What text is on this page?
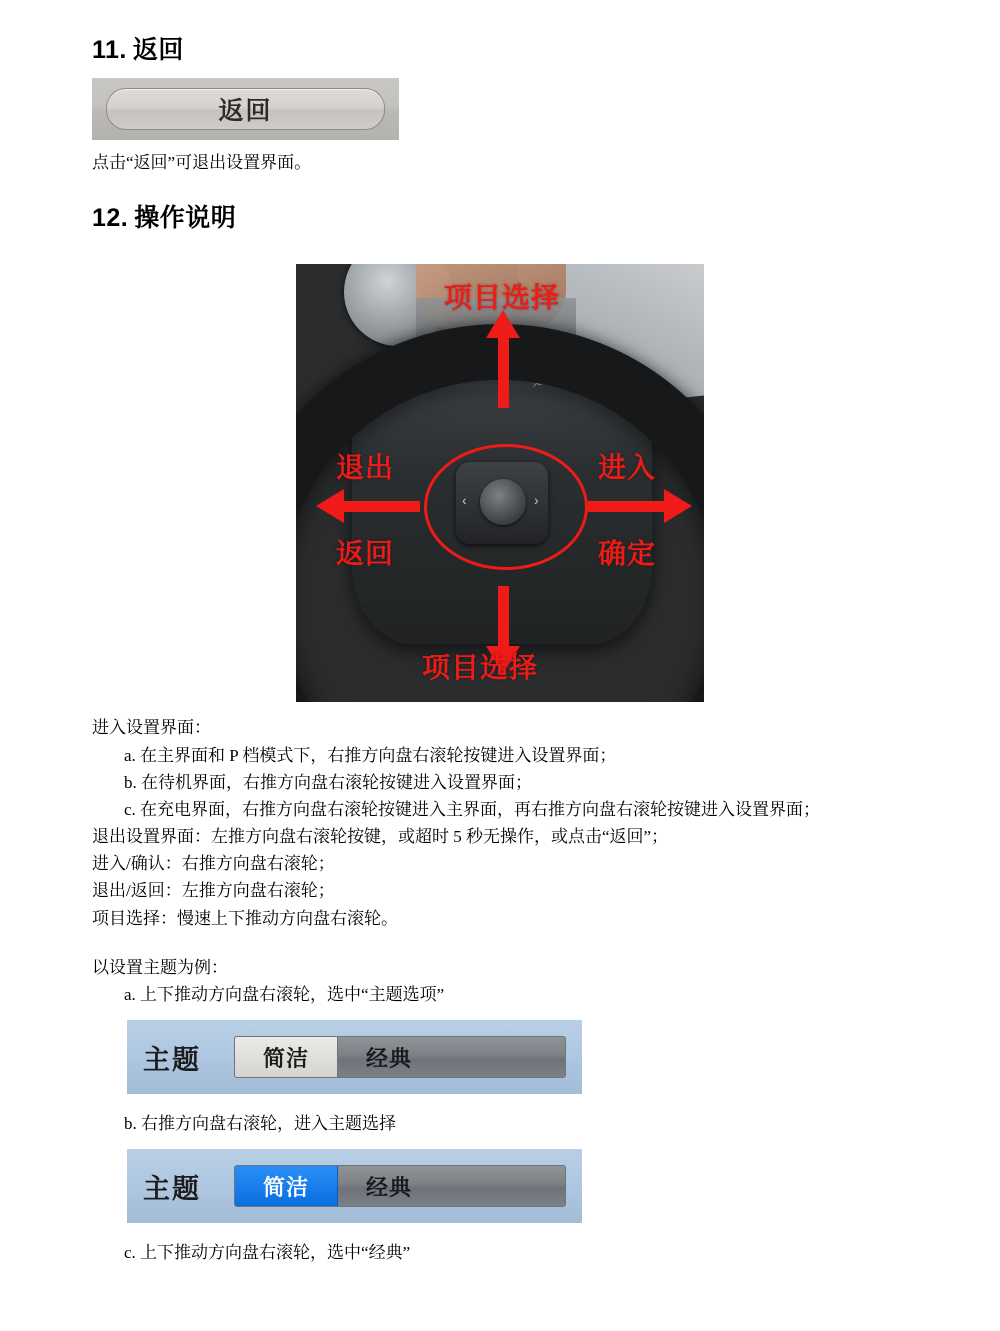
11. 返回
返回

点击“返回”可退出设置界面。

12. 操作说明
PNDR
‹	›
项目选择
项目选择
退出
返回
进入
确定

进入设置界面：

a. 在主界面和 P 档模式下，右推方向盘右滚轮按键进入设置界面；

b. 在待机界面，右推方向盘右滚轮按键进入设置界面；

c. 在充电界面，右推方向盘右滚轮按键进入主界面，再右推方向盘右滚轮按键进入设置界面；

退出设置界面：左推方向盘右滚轮按键，或超时 5 秒无操作，或点击“返回”；

进入/确认：右推方向盘右滚轮；

退出/返回：左推方向盘右滚轮；

项目选择：慢速上下推动方向盘右滚轮。

以设置主题为例：

a. 上下推动方向盘右滚轮，选中“主题选项”

主题	简洁	经典

b. 右推方向盘右滚轮，进入主题选择

主题	简洁	经典

c. 上下推动方向盘右滚轮，选中“经典”
